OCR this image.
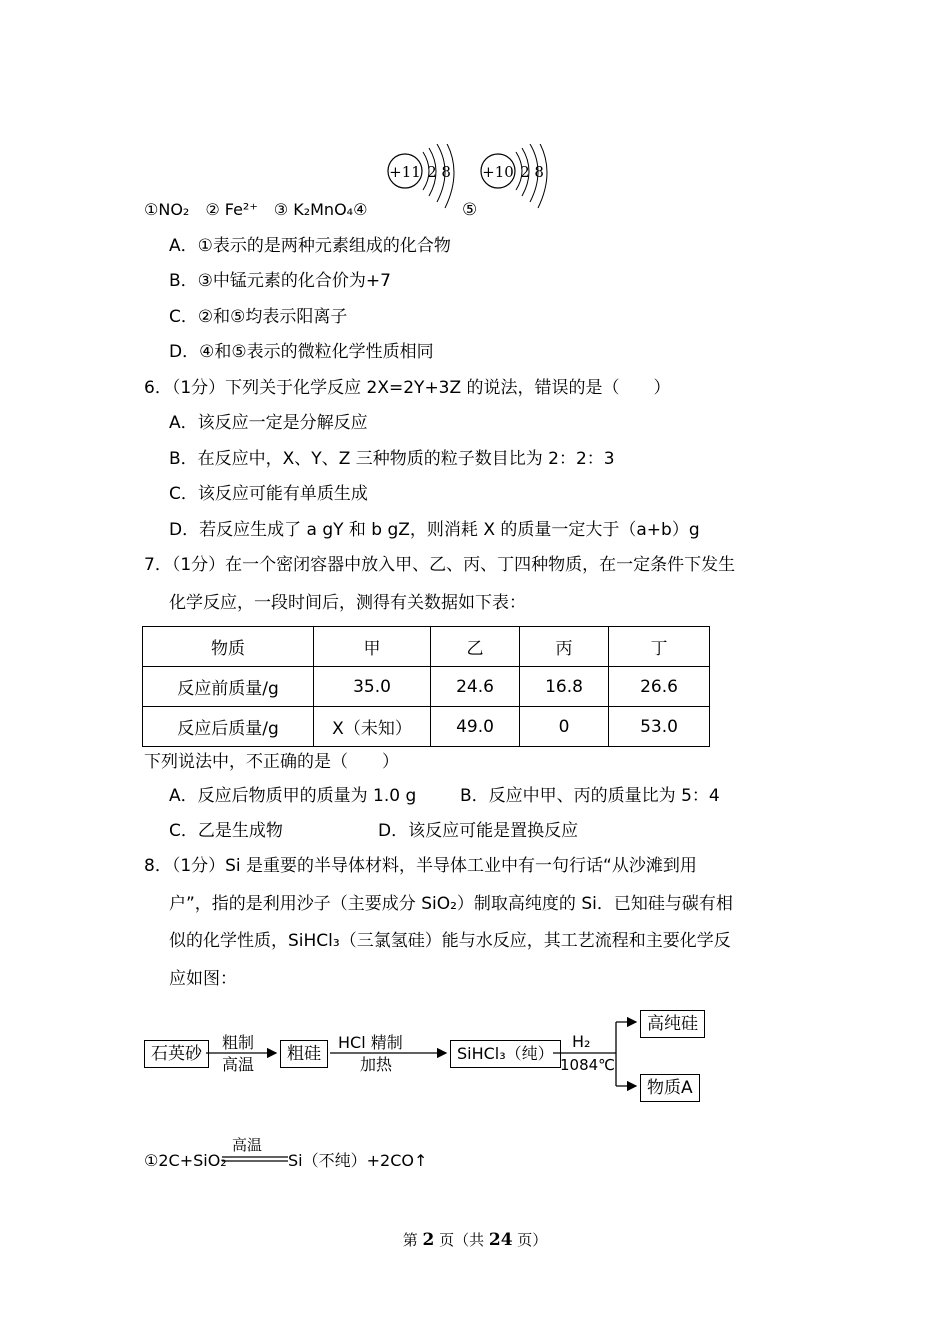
+11 2 8 +10 2 8
①NO₂　② Fe²⁺　③ K₂MnO₄④	⑤
A．①表示的是两种元素组成的化合物
B．③中锰元素的化合价为+7
C．②和⑤均表示阳离子
D．④和⑤表示的微粒化学性质相同
6．（1分）下列关于化学反应 2X=2Y+3Z 的说法，错误的是（　　）
A．该反应一定是分解反应
B．在反应中，X、Y、Z 三种物质的粒子数目比为 2：2：3
C．该反应可能有单质生成
D．若反应生成了 a gY 和 b gZ，则消耗 X 的质量一定大于（a+b）g
7．（1分）在一个密闭容器中放入甲、乙、丙、丁四种物质，在一定条件下发生
化学反应，一段时间后，测得有关数据如下表：
物质	甲	乙	丙	丁
反应前质量/g	35.0	24.6	16.8	26.6
反应后质量/g	X（未知）	49.0	0	53.0
下列说法中，不正确的是（　　）
A．反应后物质甲的质量为 1.0 g	B．反应中甲、丙的质量比为 5：4
C．乙是生成物	D．该反应可能是置换反应
8．（1分）Si 是重要的半导体材料，半导体工业中有一句行话“从沙滩到用
户”，指的是利用沙子（主要成分 SiO₂）制取高纯度的 Si．已知硅与碳有相
似的化学性质，SiHCl₃（三氯氢硅）能与水反应，其工艺流程和主要化学反
应如图：
石英砂
粗制
高温
粗硅
HCl 精制
加热
SiHCl₃（纯）
H₂
1084℃
高纯硅
物质A
①2C+SiO₂
高温
Si（不纯）+2CO↑
第 2 页（共 24 页）
